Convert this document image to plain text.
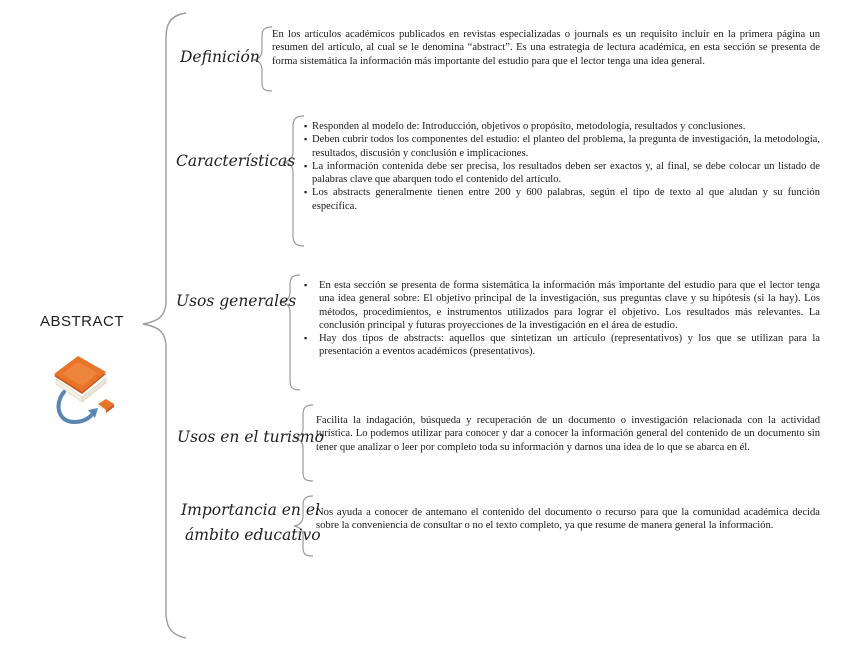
ABSTRACT
Definición

En los artículos académicos publicados en revistas especializadas o journals es un requisito incluir en la primera página un resumen del artículo, al cual se le denomina “abstract”. Es una estrategia de lectura académica, en esta sección se presenta de forma sistemática la información más importante del estudio para que el lector tenga una idea general.

Características
▪ Responden al modelo de: Introducción, objetivos o propósito, metodología, resultados y conclusiones.
▪ Deben cubrir todos los componentes del estudio: el planteo del problema, la pregunta de investigación, la metodología, resultados, discusión y conclusión e implicaciones.
▪ La información contenida debe ser precisa, los resultados deben ser exactos y, al final, se debe colocar un listado de palabras clave que abarquen todo el contenido del artículo.
▪ Los abstracts generalmente tienen entre 200 y 600 palabras, según el tipo de texto al que aludan y su función específica.
Usos generales
▪ En esta sección se presenta de forma sistemática la información más importante del estudio para que el lector tenga una idea general sobre: El objetivo principal de la investigación, sus preguntas clave y su hipótesis (si la hay). Los métodos, procedimientos, e instrumentos utilizados para lograr el objetivo. Los resultados más relevantes. La conclusión principal y futuras proyecciones de la investigación en el área de estudio.
▪ Hay dos tipos de abstracts: aquellos que sintetizan un artículo (representativos) y los que se utilizan para la presentación a eventos académicos (presentativos).
Usos en el turismo

Facilita la indagación, búsqueda y recuperación de un documento o investigación relacionada con la actividad turística. Lo podemos utilizar para conocer y dar a conocer la información general del contenido de un documento sin tener que analizar o leer por completo toda su información y darnos una idea de lo que se abarca en él.

Importancia en el
ámbito educativo

Nos ayuda a conocer de antemano el contenido del documento o recurso para que la comunidad académica decida sobre la conveniencia de consultar o no el texto completo, ya que resume de manera general la información.
